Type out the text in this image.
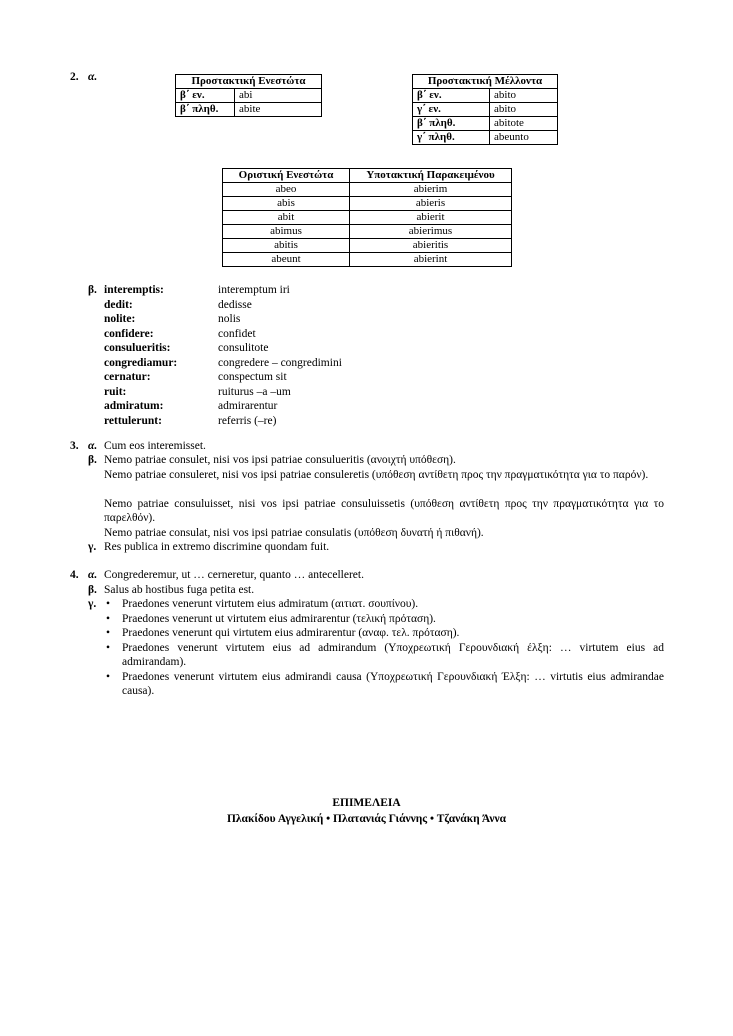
2. α.	Προστακτική Ενεστώτα	
β΄ εν.	abi
β΄ πληθ.	abite
Προστακτική Μέλλοντα	
β΄ εν.	abito
γ΄ εν.	abito
β΄ πληθ.	abitote
γ΄ πληθ.	abeunto
Οριστική Ενεστώτα	Υποτακτική Παρακειμένου
abeo	abierim
abis	abieris
abit	abierit
abimus	abierimus
abitis	abieritis
abeunt	abierint
β. interemptis:	interemptum iri
dedit:	dedisse
nolite:	nolis
confidere:	confidet
consulueritis:	consulitote
congrediamur:	congredere – congredimini
cernatur:	conspectum sit
ruit:	ruiturus –a –um
admiratum:	admirarentur
rettulerunt:	referris (–re)
3. α. Cum eos interemisset.
β. Nemo patriae consulet, nisi vos ipsi patriae consulueritis (ανοιχτή υπόθεση).
Nemo patriae consuleret, nisi vos ipsi patriae consuleretis (υπόθεση αντίθετη προς την πραγματικότητα για το παρόν).
Nemo patriae consuluisset, nisi vos ipsi patriae consuluissetis (υπόθεση αντίθετη προς την πραγματικότητα για το παρελθόν).
Nemo patriae consulat, nisi vos ipsi patriae consulatis (υπόθεση δυνατή ή πιθανή).
γ. Res publica in extremo discrimine quondam fuit.
4. α. Congrederemur, ut … cerneretur, quanto … antecelleret.
β. Salus ab hostibus fuga petita est.
γ. • Praedones venerunt virtutem eius admiratum (αιτιατ. σουπίνου).
• Praedones venerunt ut virtutem eius admirarentur (τελική πρόταση).
• Praedones venerunt qui virtutem eius admirarentur (αναφ. τελ. πρόταση).
• Praedones venerunt virtutem eius ad admirandum (Υποχρεωτική Γερουνδιακή έλξη: … virtutem eius ad admirandam).
• Praedones venerunt virtutem eius admirandi causa (Υποχρεωτική Γερουνδιακή Έλξη: … virtutis eius admirandae causa).
ΕΠΙΜΕΛΕΙΑ
Πλακίδου Αγγελική • Πλατανιάς Γιάννης • Τζανάκη Άννα
